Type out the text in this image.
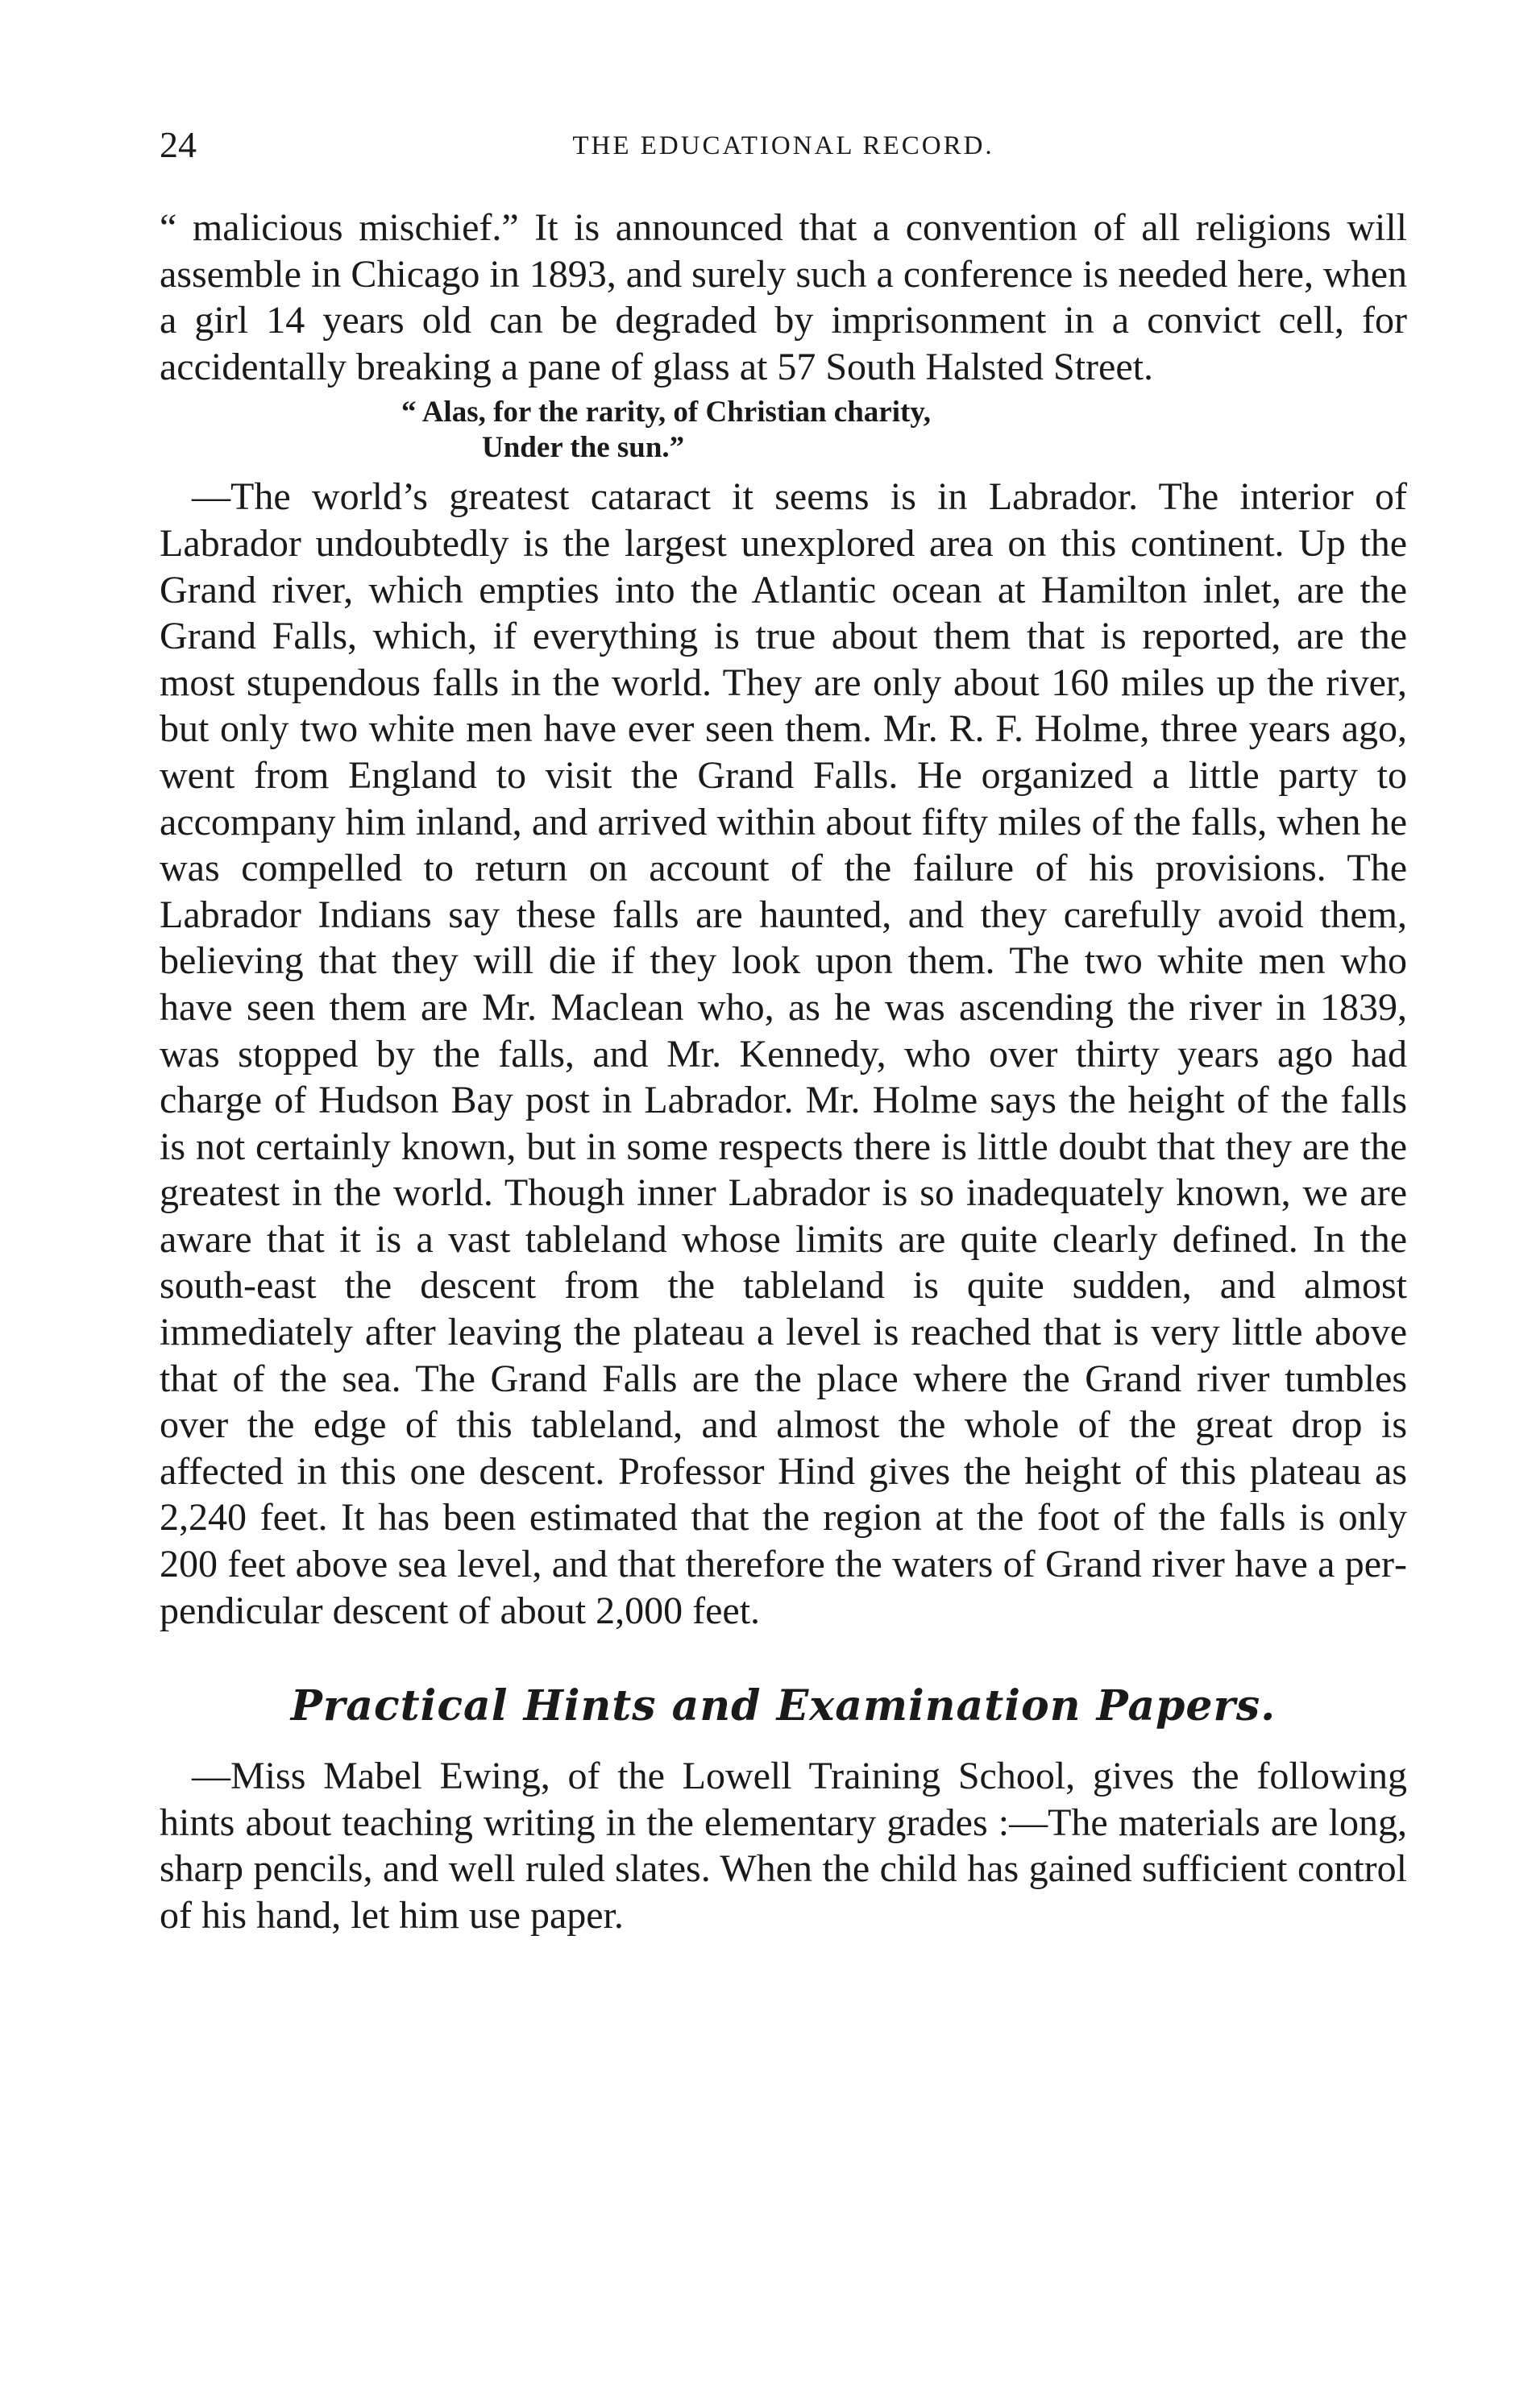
24	THE EDUCATIONAL RECORD.

“ malicious mischief.” It is announced that a convention of all religions will assemble in Chicago in 1893, and surely such a conference is needed here, when a girl 14 years old can be degraded by imprisonment in a convict cell, for accidentally breaking a pane of glass at 57 South Halsted Street.

“ Alas, for the rarity, of Christian charity,
Under the sun.”

—The world’s greatest cataract it seems is in Labrador. The interior of Labrador undoubtedly is the largest unexplored area on this continent. Up the Grand river, which empties into the Atlantic ocean at Hamilton inlet, are the Grand Falls, which, if everything is true about them that is reported, are the most stupendous falls in the world. They are only about 160 miles up the river, but only two white men have ever seen them. Mr. R. F. Holme, three years ago, went from England to visit the Grand Falls. He organized a little party to accompany him inland, and arrived within about fifty miles of the falls, when he was compelled to return on account of the failure of his provisions. The Labrador Indians say these falls are haunted, and they carefully avoid them, believing that they will die if they look upon them. The two white men who have seen them are Mr. Maclean who, as he was ascending the river in 1839, was stopped by the falls, and Mr. Kennedy, who over thirty years ago had charge of Hudson Bay post in Labrador. Mr. Holme says the height of the falls is not certainly known, but in some respects there is little doubt that they are the greatest in the world. Though inner Labrador is so inadequately known, we are aware that it is a vast tableland whose limits are quite clearly defined. In the south-east the descent from the tableland is quite sudden, and almost immediately after leaving the plateau a level is reached that is very little above that of the sea. The Grand Falls are the place where the Grand river tumbles over the edge of this tableland, and almost the whole of the great drop is affected in this one descent. Professor Hind gives the height of this plateau as 2,240 feet. It has been estimated that the region at the foot of the falls is only 200 feet above sea level, and that therefore the waters of Grand river have a perpendicular descent of about 2,000 feet.

Practical Hints and Examination Papers.

—Miss Mabel Ewing, of the Lowell Training School, gives the following hints about teaching writing in the elementary grades :—The materials are long, sharp pencils, and well ruled slates. When the child has gained sufficient control of his hand, let him use paper.
